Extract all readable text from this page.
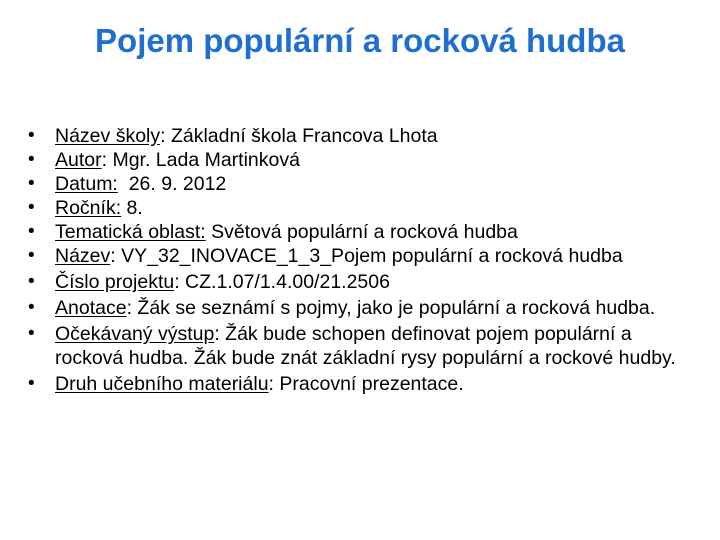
Pojem populární a rocková hudba
• Název školy: Základní škola Francova Lhota
• Autor: Mgr. Lada Martinková
• Datum:  26. 9. 2012
• Ročník: 8.
• Tematická oblast: Světová populární a rocková hudba
• Název: VY_32_INOVACE_1_3_Pojem populární a rocková hudba
• Číslo projektu: CZ.1.07/1.4.00/21.2506
• Anotace: Žák se seznámí s pojmy, jako je populární a rocková hudba.
• Očekávaný výstup: Žák bude schopen definovat pojem populární a rocková hudba. Žák bude znát základní rysy populární a rockové hudby.
• Druh učebního materiálu: Pracovní prezentace.
